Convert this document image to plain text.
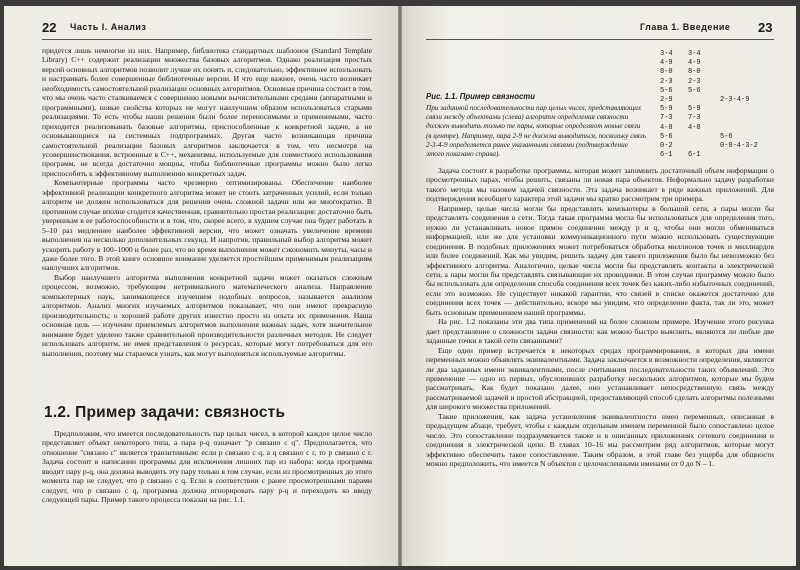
22 Часть I. Анализ

придется лишь немногие из них. Например, библиотека стандартных шаблонов (Standard Template Library) C++ содержит реализации множества базовых алгоритмов. Однако реализация простых версий основных алгоритмов позволит лучше их понять и, следовательно, эффективнее использовать и настраивать более совершенные библиотечные версии. И что еще важнее, очень часто возникает необходимость самостоятельной реализации основных алгоритмов. Основная причина состоит в том, что мы очень часто сталкиваемся с совершенно новыми вычислительными средами (аппаратными и программными), новые свойства которых не могут наилучшим образом использоваться старыми реализациями. То есть чтобы наши решения были более переносимыми и применимыми, часто приходится реализовывать базовые алгоритмы, приспособленные к конкретной задаче, а не основывающиеся на системных подпрограммах. Другая часто возникающая причина самостоятельной реализации базовых алгоритмов заключается в том, что несмотря на усовершенствования, встроенные в C++, механизмы, используемые для совместного использования программ, не всегда достаточно мощны, чтобы библиотечные программы можно было легко приспособить к эффективному выполнению конкретных задач.

Компьютерные программы часто чрезмерно оптимизированы. Обеспечение наиболее эффективной реализации конкретного алгоритма может не стоить затраченных усилий, если только алгоритм не должен использоваться для решения очень сложной задачи или же многократно. В противном случае вполне сгодится качественная, сравнительно простая реализация: достаточно быть уверенным в ее работоспособности и в том, что, скорее всего, в худшем случае она будет работать в 5–10 раз медленнее наиболее эффективной версии, что может означать увеличение времени выполнения на несколько дополнительных секунд. И напротив, правильный выбор алгоритма может ускорить работу в 100–1000 и более раз, что во время выполнения может сэкономить минуты, часы и даже более того. В этой книге основное внимание уделяется простейшим применимым реализациям наилучших алгоритмов.

Выбор наилучшего алгоритма выполнения конкретной задачи может оказаться сложным процессом, возможно, требующим нетривиального математического анализа. Направление компьютерных наук, занимающееся изучением подобных вопросов, называется анализом алгоритмов. Анализ многих изучаемых алгоритмов показывает, что они имеют прекрасную производительность; о хорошей работе других известно просто из опыта их применения. Наша основная цель — изучение приемлемых алгоритмов выполнения важных задач, хотя значительное внимание будет уделено также сравнительной производительности различных методов. Не следует использовать алгоритм, не имея представления о ресурсах, которые могут потребоваться для его выполнения, поэтому мы стараемся узнать, как могут выполняться используемые алгоритмы.

1.2. Пример задачи: связность

Предположим, что имеется последовательность пар целых чисел, в которой каждое целое число представляет объект некоторого типа, а пара p-q означает "p связано с q". Предполагается, что отношение "связано с" является транзитивным: если p связано с q, а q связано с r, то p связано с r. Задача состоит в написании программы для исключения лишних пар из набора: когда программа вводит пару p-q, она должна выводить эту пару только в том случае, если из просмотренных до этого момента пар не следует, что p связано с q. Если в соответствии с ранее просмотренными парами следует, что p связано с q, программа должна игнорировать пару p-q и переходить ко вводу следующей пары. Пример такого процесса показан на рис. 1.1.

Глава 1. Введение 23
Рис. 1.1. Пример связности
При заданной последовательности пар целых чисел, представляющих связи между объектами (слева) алгоритм определения связности должен выводить только те пары, которые определяют новые связи (в центре). Например, пара 2-9 не должна выводиться, поскольку связь 2-3-4-9 определяется ранее указанными связями (подтверждение этого показано справа).
3-4
4-9
8-0
2-3
5-6
2-9
5-9
7-3
4-8
5-6
0-2
6-1
3-4
4-9
8-0
2-3
5-6

5-9
7-3
4-8

6-1

2-3-4-9

5-6
0-8-4-3-2

Задача состоит в разработке программы, которая может запомнить достаточный объем информации о просмотренных парах, чтобы решить, связаны ли новая пара объектов. Неформально задачу разработки такого метода мы назовем задачей связности. Эта задача возникает в ряде важных приложений. Для подтверждения всеобщего характера этой задачи мы кратко рассмотрим три примера.

Например, целые числа могли бы представлять компьютеры в большой сети, а пары могли бы представлять соединения в сети. Тогда такая программа могла бы использоваться для определения того, нужно ли устанавливать новое прямое соединение между p и q, чтобы они могли обмениваться информацией, или же для установки коммуникационного пути можно использовать существующие соединения. В подобных приложениях может потребоваться обработка миллионов точек и миллиардов или более соединений. Как мы увидим, решить задачу для такого приложения было бы невозможно без эффективного алгоритма. Аналогично, целые числа могли бы представлять контакты в электрической сети, а пары могли бы представлять связывающие их проводники. В этом случае программу можно было бы использовать для определения способа соединения всех точек без каких-либо избыточных соединений, если это возможно. Не существует никакой гарантии, что связей в списке окажется достаточно для соединения всех точек — действительно, вскоре мы увидим, что определение факта, так ли это, может быть основным применением нашей программы.

На рис. 1.2 показаны эти два типа применений на более сложном примере. Изучение этого рисунка дает представление о сложности задачи связности: как можно быстро выяснить, являются ли любые две заданные точки в такой сети связанными?

Еще один пример встречается в некоторых средах программирования, в которых два имени переменных можно объявлять эквивалентными. Задача заключается в возможности определения, являются ли два заданных имени эквивалентными, после считывания последовательности таких объявлений. Это применение — одно из первых, обусловивших разработку нескольких алгоритмов, которые мы будем рассматривать. Как будет показано далее, оно устанавливает непосредственную связь между рассматриваемой задачей и простой абстракцией, предоставляющей способ сделать алгоритмы полезными для широкого множества приложений.

Такие приложения, как задача установления эквивалентности имен переменных, описанная в предыдущем абзаце, требует, чтобы с каждым отдельным именем переменной было сопоставлено целое число. Это сопоставление подразумевается также и в описанных приложениях сетевого соединения и соединения в электрической цепи. В главах 10–16 мы рассмотрим ряд алгоритмов, которые могут эффективно обеспечить такое сопоставление. Таким образом, в этой главе без ущерба для общности можно предположить, что имеется N объектов с целочисленными именами от 0 до N – 1.
